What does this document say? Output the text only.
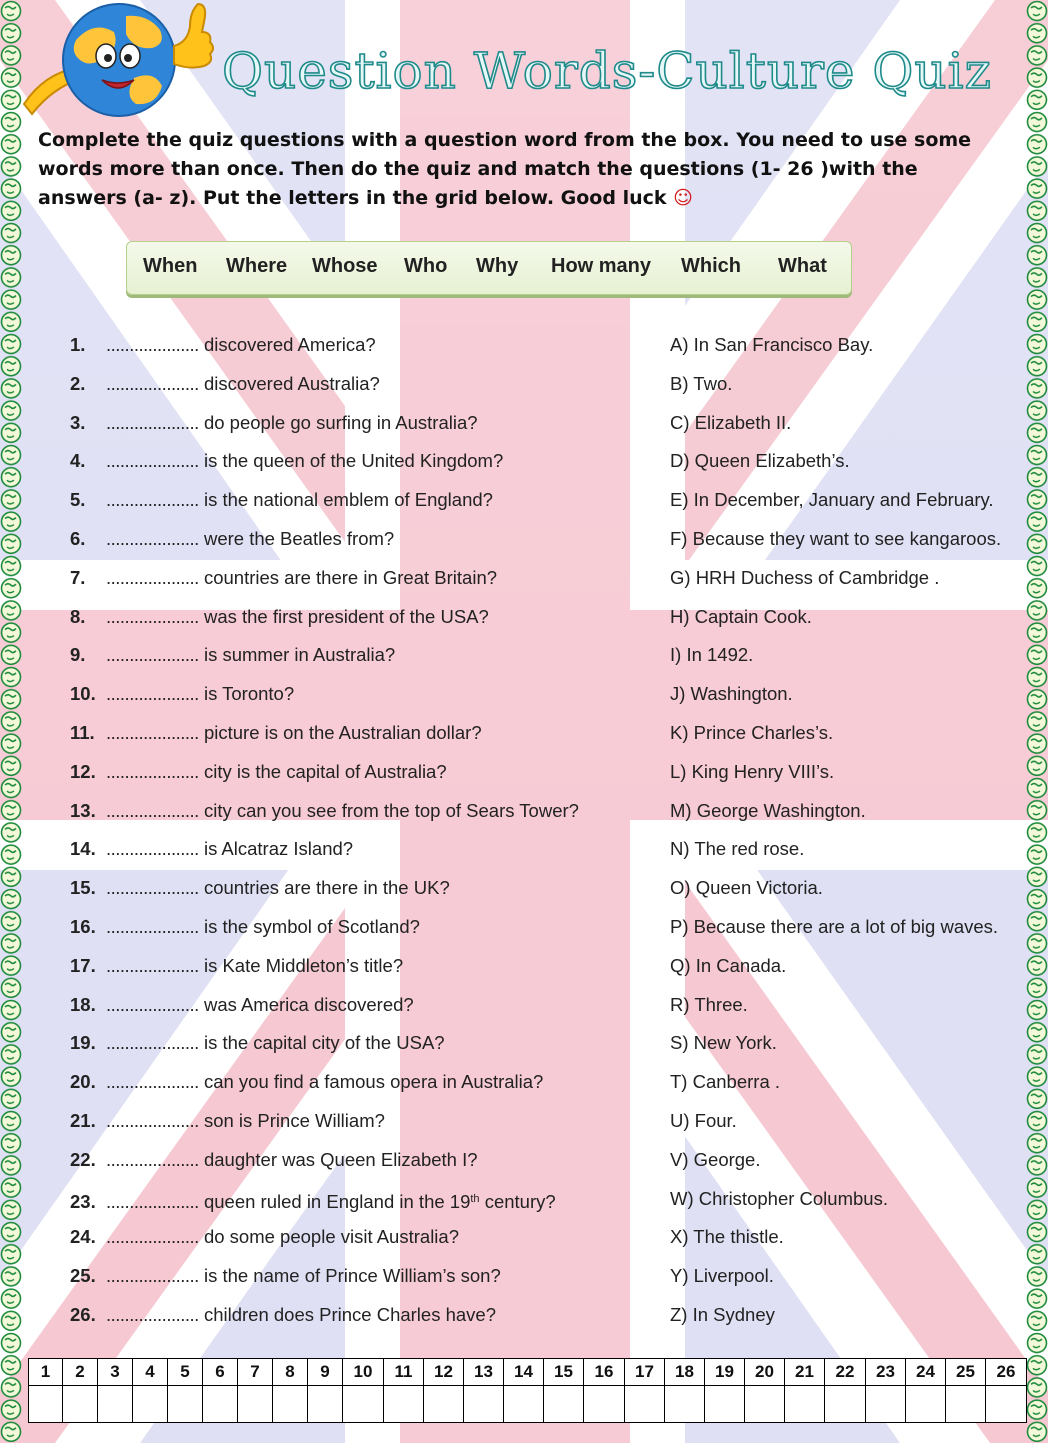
Question Words-Culture Quiz

Complete the quiz questions with a question word from the box. You need to use some words more than once. Then do the quiz and match the questions (1- 26 )with the answers (a- z). Put the letters in the grid below. Good luck ☺

When Where Whose Who Why How many Which What
1. .................... discovered America?
2. .................... discovered Australia?
3. .................... do people go surfing in Australia?
4. .................... is the queen of the United Kingdom?
5. .................... is the national emblem of England?
6. .................... were the Beatles from?
7. .................... countries are there in Great Britain?
8. .................... was the first president of the USA?
9. .................... is summer in Australia?
10. .................... is Toronto?
11. .................... picture is on the Australian dollar?
12. .................... city is the capital of Australia?
13. .................... city can you see from the top of Sears Tower?
14. .................... is Alcatraz Island?
15. .................... countries are there in the UK?
16. .................... is the symbol of Scotland?
17. .................... is Kate Middleton’s title?
18. .................... was America discovered?
19. .................... is the capital city of the USA?
20. .................... can you find a famous opera in Australia?
21. .................... son is Prince William?
22. .................... daughter was Queen Elizabeth I?
23. .................... queen ruled in England in the 19th century?
24. .................... do some people visit Australia?
25. .................... is the name of Prince William’s son?
26. .................... children does Prince Charles have?
A) In San Francisco Bay.
B) Two.
C) Elizabeth II.
D) Queen Elizabeth’s.
E) In December, January and February.
F) Because they want to see kangaroos.
G) HRH Duchess of Cambridge .
H) Captain Cook.
I) In 1492.
J) Washington.
K) Prince Charles’s.
L) King Henry VIII’s.
M) George Washington.
N) The red rose.
O) Queen Victoria.
P) Because there are a lot of big waves.
Q) In Canada.
R) Three.
S) New York.
T) Canberra .
U) Four.
V) George.
W) Christopher Columbus.
X) The thistle.
Y) Liverpool.
Z) In Sydney
1	2	3	4	5	6	7	8	9	10	11	12	13	14	15	16	17	18	19	20	21	22	23	24	25	26
